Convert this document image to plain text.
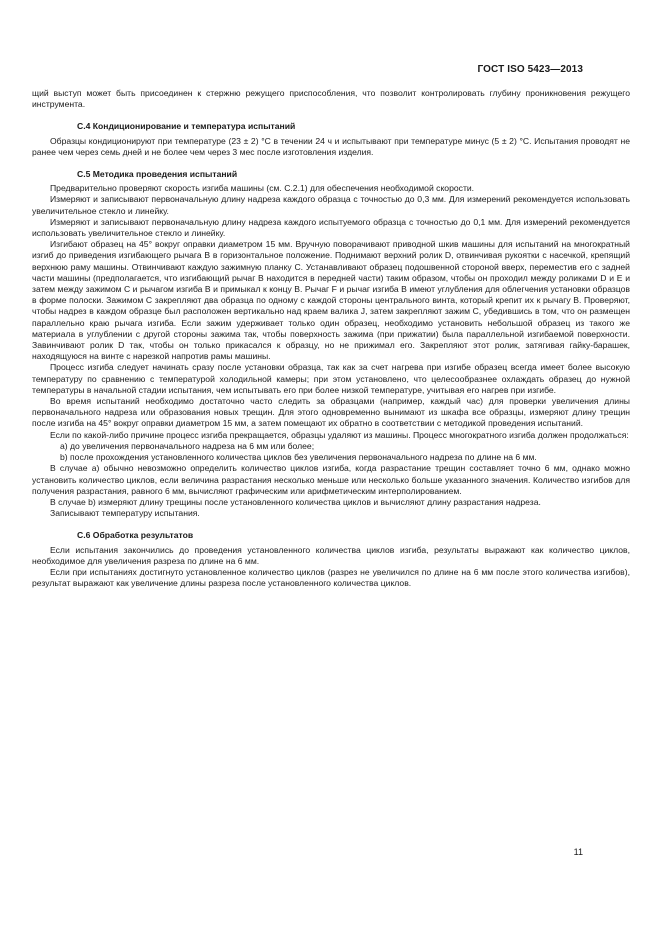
ГОСТ ISO 5423—2013

щий выступ может быть присоединен к стержню режущего приспособления, что позволит контролировать глубину проникновения режущего инструмента.

C.4 Кондиционирование и температура испытаний

Образцы кондиционируют при температуре (23 ± 2) °С в течении 24 ч и испытывают при температуре минус (5 ± 2) °С. Испытания проводят не ранее чем через семь дней и не более чем через 3 мес после изготовления изделия.

C.5 Методика проведения испытаний

Предварительно проверяют скорость изгиба машины (см. С.2.1) для обеспечения необходимой скорости.

Измеряют и записывают первоначальную длину надреза каждого образца с точностью до 0,3 мм. Для измерений рекомендуется использовать увеличительное стекло и линейку.

Измеряют и записывают первоначальную длину надреза каждого испытуемого образца с точностью до 0,1 мм. Для измерений рекомендуется использовать увеличительное стекло и линейку.

Изгибают образец на 45° вокруг оправки диаметром 15 мм. Вручную поворачивают приводной шкив машины для испытаний на многократный изгиб до приведения изгибающего рычага В в горизонтальное положение. Поднимают верхний ролик D, отвинчивая рукоятки с насечкой, крепящий верхнюю раму машины. Отвинчивают каждую зажимную планку С. Устанавливают образец подошвенной стороной вверх, переместив его с задней части машины (предполагается, что изгибающий рычаг В находится в передней части) таким образом, чтобы он проходил между роликами D и Е и затем между зажимом С и рычагом изгиба В и примыкал к концу В. Рычаг F и рычаг изгиба В имеют углубления для облегчения установки образцов в форме полоски. Зажимом С закрепляют два образца по одному с каждой стороны центрального винта, который крепит их к рычагу В. Проверяют, чтобы надрез в каждом образце был расположен вертикально над краем валика J, затем закрепляют зажим С, убедившись в том, что он размещен параллельно краю рычага изгиба. Если зажим удерживает только один образец, необходимо установить небольшой образец из такого же материала в углублении с другой стороны зажима так, чтобы поверхность зажима (при прижатии) была параллельной изгибаемой поверхности. Завинчивают ролик D так, чтобы он только прикасался к образцу, но не прижимал его. Закрепляют этот ролик, затягивая гайку-барашек, находящуюся на винте с нарезкой напротив рамы машины.

Процесс изгиба следует начинать сразу после установки образца, так как за счет нагрева при изгибе образец всегда имеет более высокую температуру по сравнению с температурой холодильной камеры; при этом установлено, что целесообразнее охлаждать образец до нужной температуры в начальной стадии испытания, чем испытывать его при более низкой температуре, учитывая его нагрев при изгибе.

Во время испытаний необходимо достаточно часто следить за образцами (например, каждый час) для проверки увеличения длины первоначального надреза или образования новых трещин. Для этого одновременно вынимают из шкафа все образцы, измеряют длину трещин после изгиба на 45° вокруг оправки диаметром 15 мм, а затем помещают их обратно в соответствии с методикой проведения испытаний.

Если по какой-либо причине процесс изгиба прекращается, образцы удаляют из машины. Процесс многократного изгиба должен продолжаться:

a) до увеличения первоначального надреза на 6 мм или более;

b) после прохождения установленного количества циклов без увеличения первоначального надреза по длине на 6 мм.

В случае а) обычно невозможно определить количество циклов изгиба, когда разрастание трещин составляет точно 6 мм, однако можно установить количество циклов, если величина разрастания несколько меньше или несколько больше указанного значения. Количество изгибов для получения разрастания, равного 6 мм, вычисляют графическим или арифметическим интерполированием.

В случае b) измеряют длину трещины после установленного количества циклов и вычисляют длину разрастания надреза.

Записывают температуру испытания.

C.6 Обработка результатов

Если испытания закончились до проведения установленного количества циклов изгиба, результаты выражают как количество циклов, необходимое для увеличения разреза по длине на 6 мм.

Если при испытаниях достигнуто установленное количество циклов (разрез не увеличился по длине на 6 мм после этого количества изгибов), результат выражают как увеличение длины разреза после установленного количества циклов.

11
